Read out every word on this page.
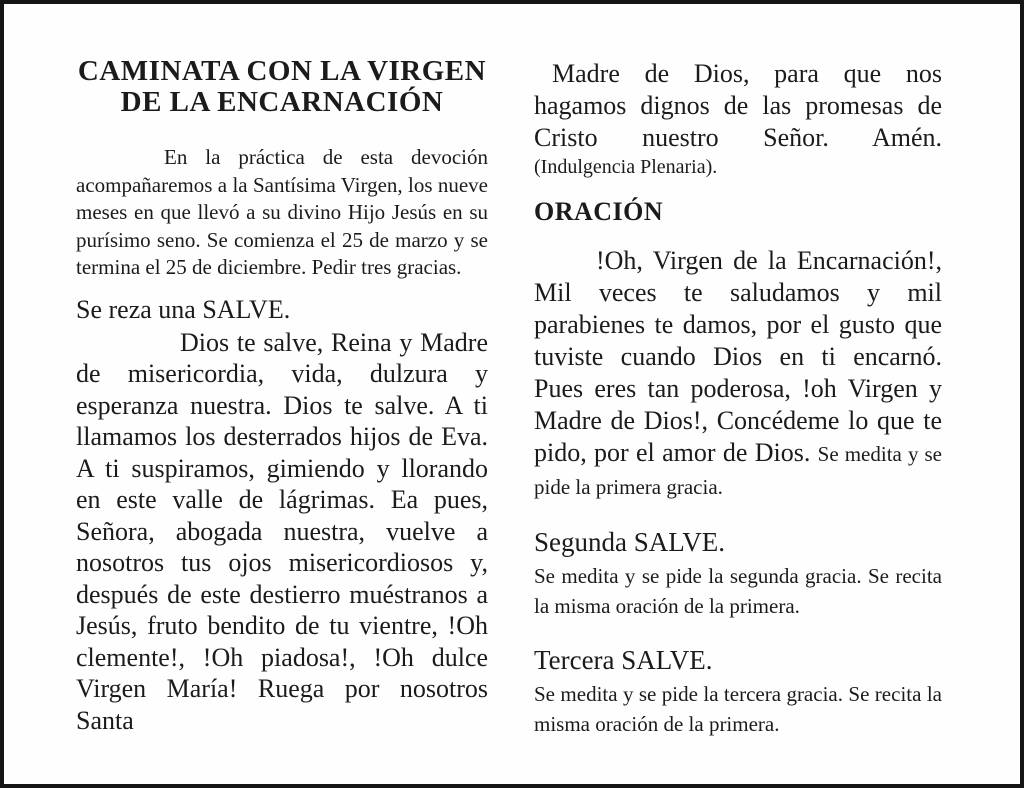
CAMINATA CON LA VIRGEN
DE LA ENCARNACIÓN

En la práctica de esta devoción acompañaremos a la Santísima Virgen, los nueve meses en que llevó a su divino Hijo Jesús en su purísimo seno. Se comienza el 25 de marzo y se termina el 25 de diciembre. Pedir tres gracias.

Se reza una SALVE.

Dios te salve, Reina y Madre de misericordia, vida, dulzura y esperanza nuestra. Dios te salve. A ti llamamos los desterrados hijos de Eva. A ti suspiramos, gimiendo y llorando en este valle de lágrimas. Ea pues, Señora, abogada nuestra, vuelve a nosotros tus ojos misericordiosos y, después de este destierro muéstranos a Jesús, fruto bendito de tu vientre, !Oh clemente!, !Oh piadosa!, !Oh dulce Virgen María! Ruega por nosotros Santa

Madre de Dios, para que nos hagamos dignos de las promesas de Cristo nuestro Señor. Amén.

(Indulgencia Plenaria).

ORACIÓN

!Oh, Virgen de la Encarnación!, Mil veces te saludamos y mil parabienes te damos, por el gusto que tuviste cuando Dios en ti encarnó. Pues eres tan poderosa, !oh Virgen y Madre de Dios!, Concédeme lo que te pido, por el amor de Dios. Se medita y se pide la primera gracia.

Segunda SALVE.

Se medita y se pide la segunda gracia. Se recita la misma oración de la primera.

Tercera SALVE.

Se medita y se pide la tercera gracia. Se recita la misma oración de la primera.
